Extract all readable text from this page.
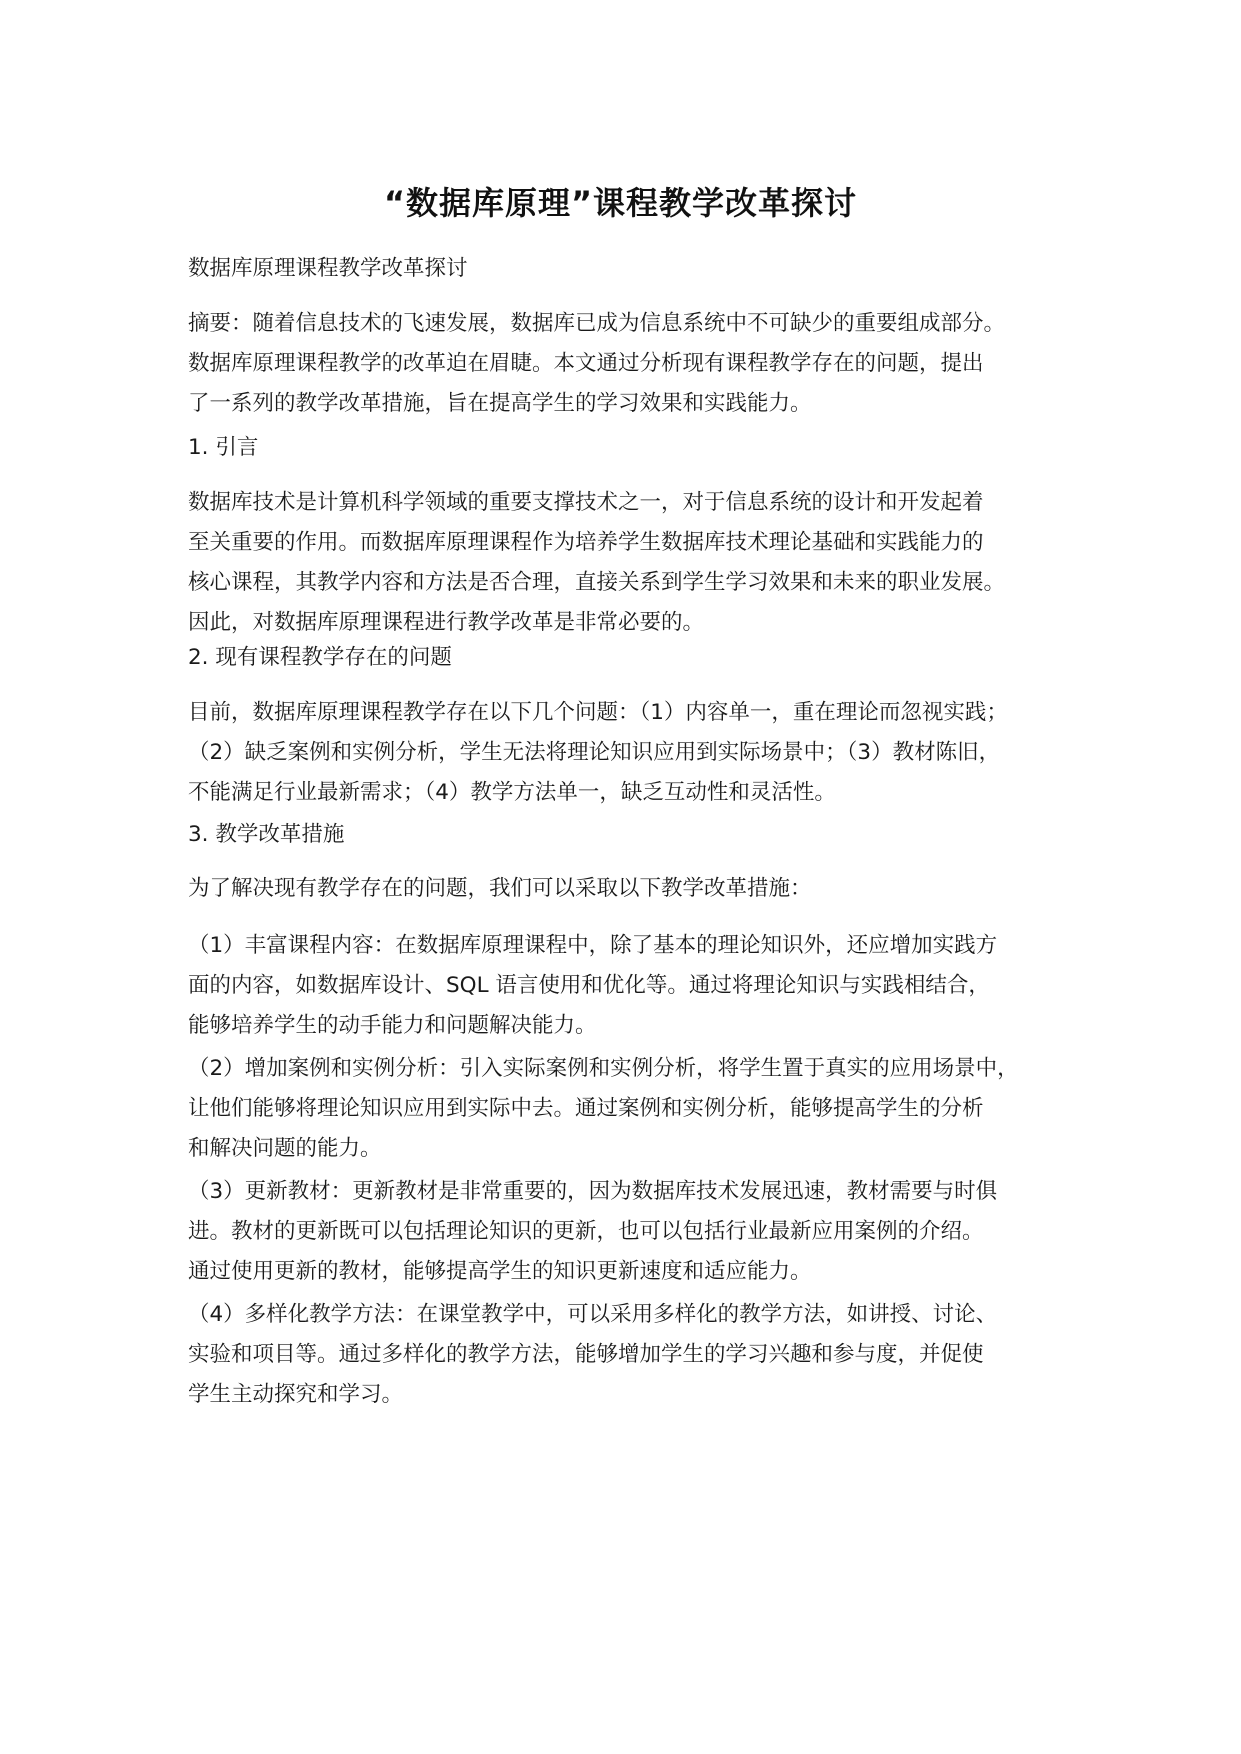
“数据库原理”课程教学改革探讨

数据库原理课程教学改革探讨

摘要：随着信息技术的飞速发展，数据库已成为信息系统中不可缺少的重要组成部分。
数据库原理课程教学的改革迫在眉睫。本文通过分析现有课程教学存在的问题，提出
了一系列的教学改革措施，旨在提高学生的学习效果和实践能力。

1. 引言

数据库技术是计算机科学领域的重要支撑技术之一，对于信息系统的设计和开发起着
至关重要的作用。而数据库原理课程作为培养学生数据库技术理论基础和实践能力的
核心课程，其教学内容和方法是否合理，直接关系到学生学习效果和未来的职业发展。
因此，对数据库原理课程进行教学改革是非常必要的。

2. 现有课程教学存在的问题

目前，数据库原理课程教学存在以下几个问题：（1）内容单一，重在理论而忽视实践；
（2）缺乏案例和实例分析，学生无法将理论知识应用到实际场景中；（3）教材陈旧，
不能满足行业最新需求；（4）教学方法单一，缺乏互动性和灵活性。

3. 教学改革措施

为了解决现有教学存在的问题，我们可以采取以下教学改革措施：

（1）丰富课程内容：在数据库原理课程中，除了基本的理论知识外，还应增加实践方
面的内容，如数据库设计、SQL 语言使用和优化等。通过将理论知识与实践相结合，
能够培养学生的动手能力和问题解决能力。

（2）增加案例和实例分析：引入实际案例和实例分析，将学生置于真实的应用场景中，
让他们能够将理论知识应用到实际中去。通过案例和实例分析，能够提高学生的分析
和解决问题的能力。

（3）更新教材：更新教材是非常重要的，因为数据库技术发展迅速，教材需要与时俱
进。教材的更新既可以包括理论知识的更新，也可以包括行业最新应用案例的介绍。
通过使用更新的教材，能够提高学生的知识更新速度和适应能力。

（4）多样化教学方法：在课堂教学中，可以采用多样化的教学方法，如讲授、讨论、
实验和项目等。通过多样化的教学方法，能够增加学生的学习兴趣和参与度，并促使
学生主动探究和学习。
